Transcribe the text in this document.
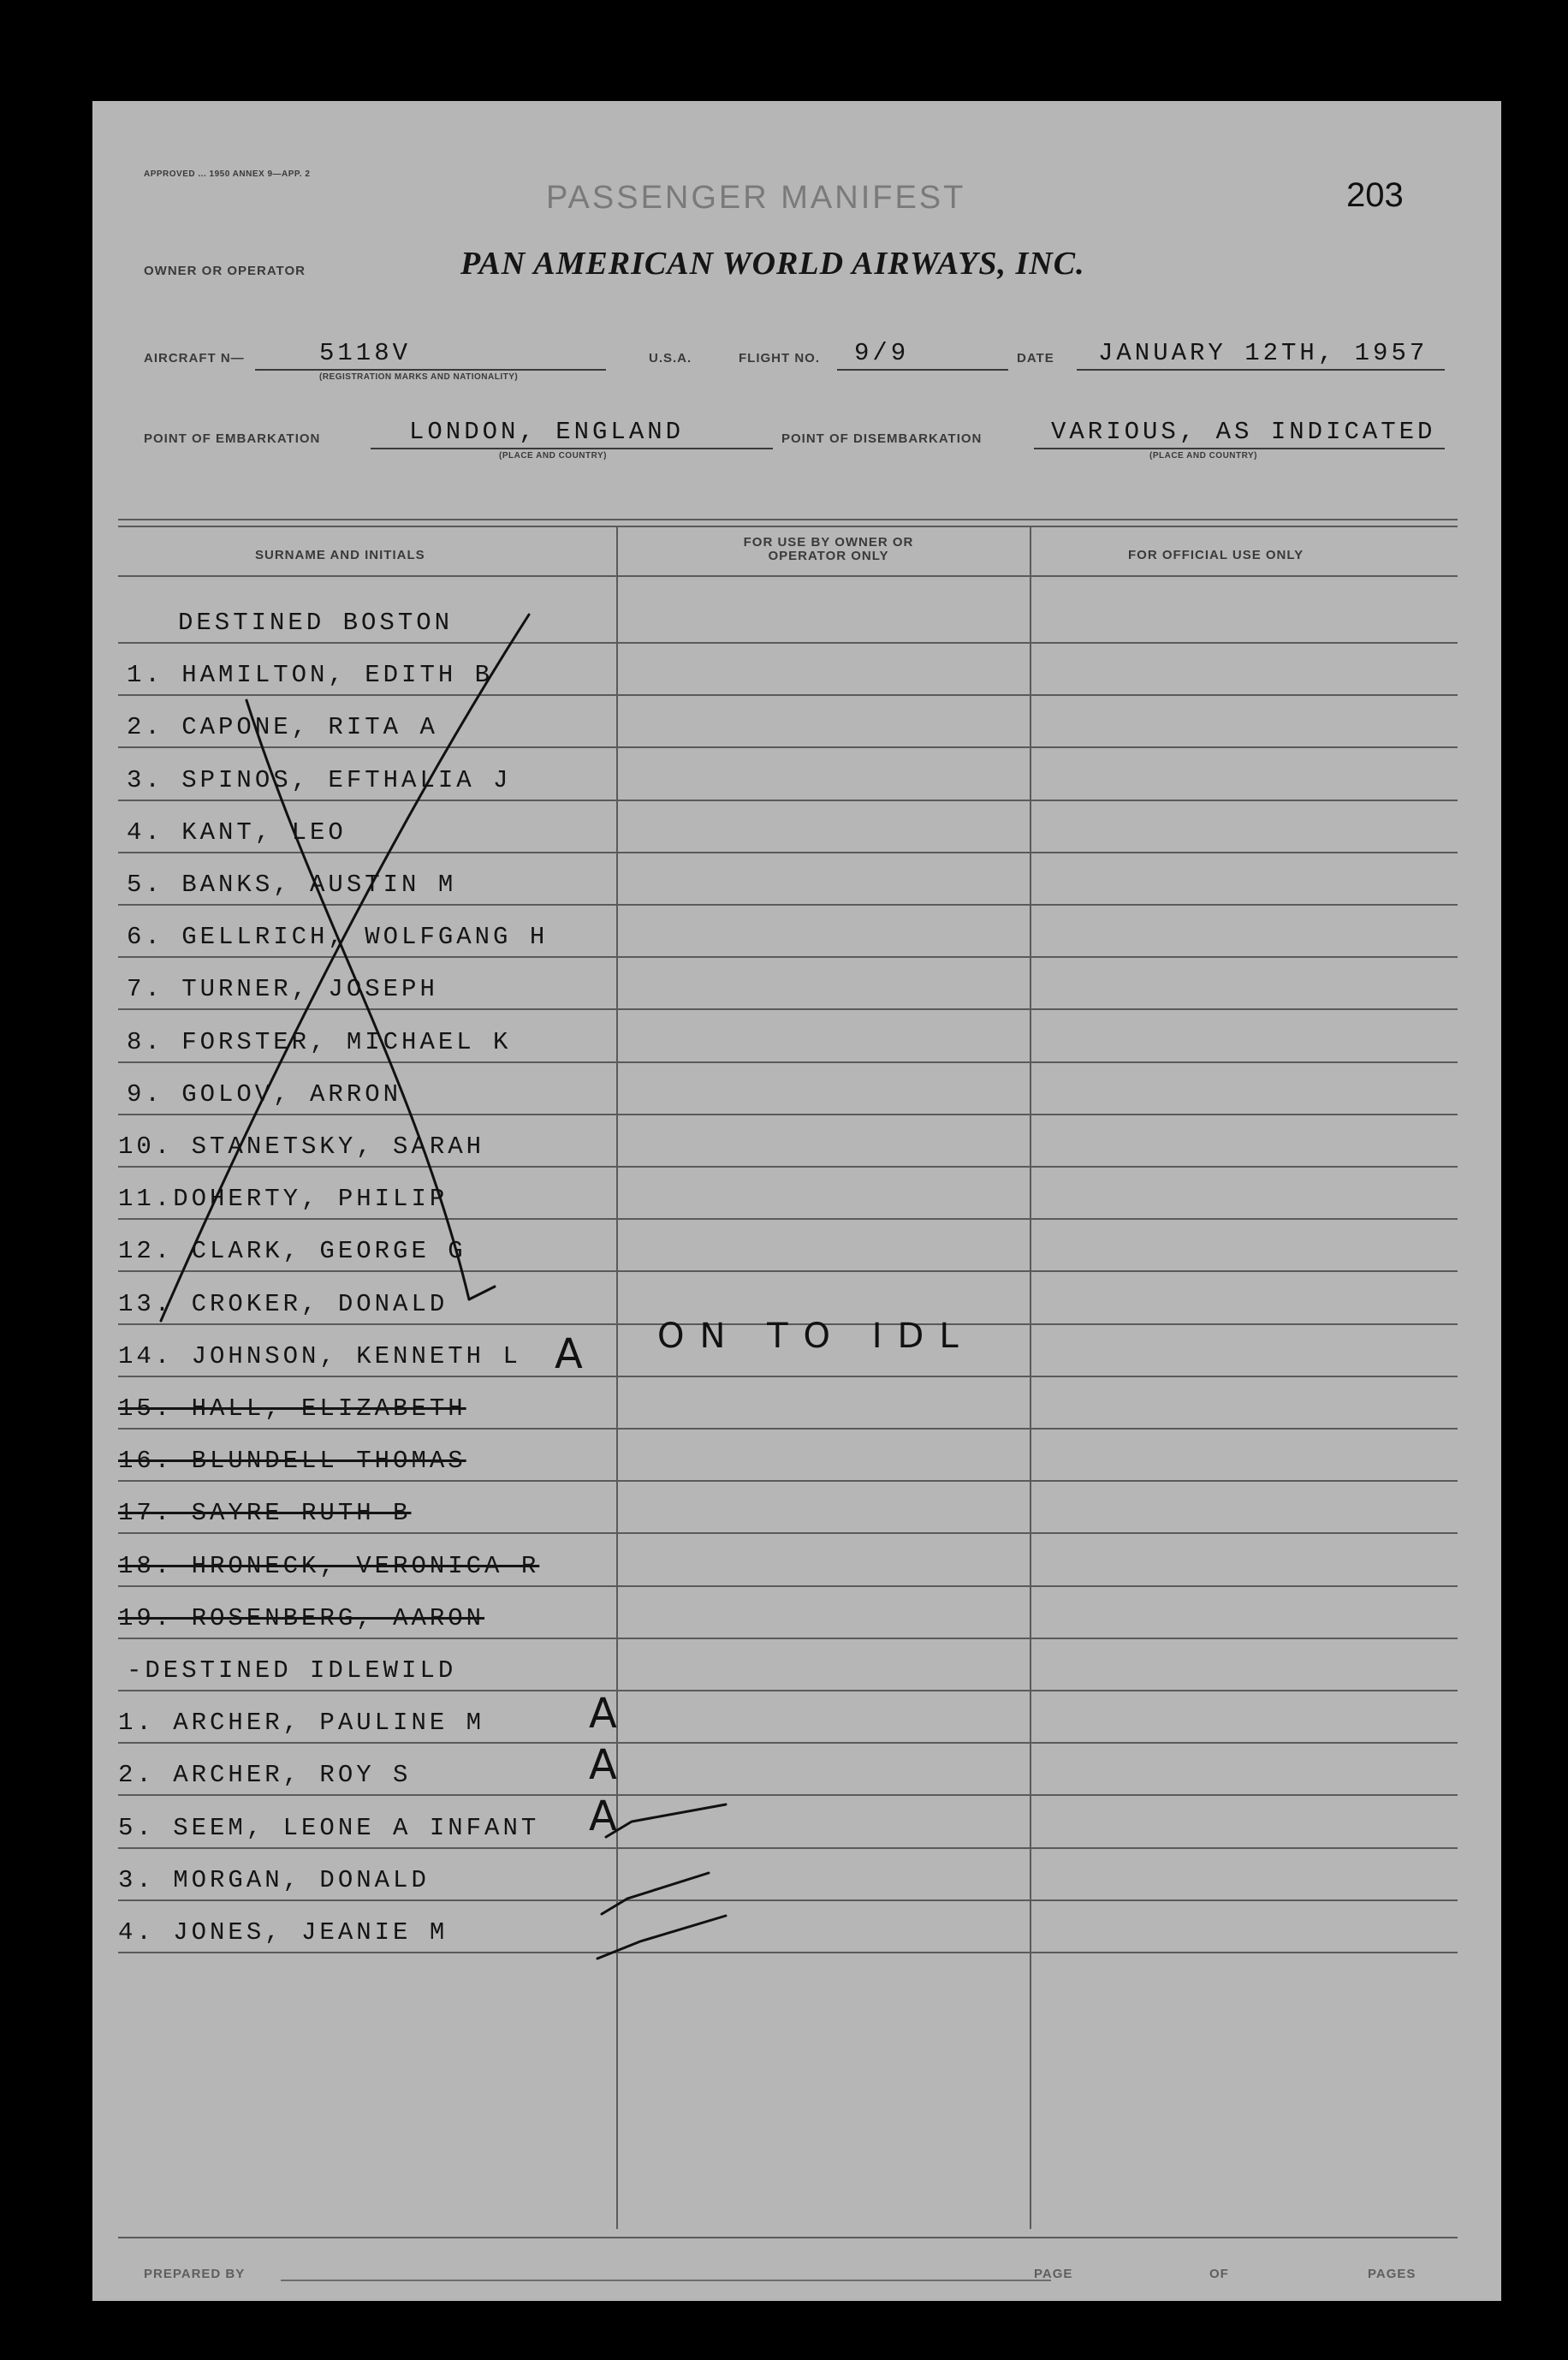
APPROVED ... 1950 ANNEX 9—APP. 2
PASSENGER MANIFEST	203
OWNER OR OPERATOR	PAN AMERICAN WORLD AIRWAYS, INC.
AIRCRAFT N—	5118V
(REGISTRATION MARKS AND NATIONALITY)
U.S.A.	FLIGHT NO. 9/9	DATE JANUARY 12TH, 1957
POINT OF EMBARKATION	LONDON, ENGLAND
(PLACE AND COUNTRY)
POINT OF DISEMBARKATION	VARIOUS, AS INDICATED
(PLACE AND COUNTRY)
SURNAME AND INITIALS
FOR USE BY OWNER OR OPERATOR ONLY	FOR OFFICIAL USE ONLY
DESTINED BOSTON
1. HAMILTON, EDITH B
2. CAPONE, RITA A
3. SPINOS, EFTHALIA J
4. KANT, LEO
5. BANKS, AUSTIN M
6. GELLRICH, WOLFGANG H
7. TURNER, JOSEPH
8. FORSTER, MICHAEL K
9. GOLOV, ARRON
10. STANETSKY, SARAH
11.DOHERTY, PHILIP
12. CLARK, GEORGE G
13. CROKER, DONALD
14. JOHNSON, KENNETH L
15. HALL, ELIZABETH
16. BLUNDELL THOMAS
17. SAYRE RUTH B
18. HRONECK, VERONICA R
19. ROSENBERG, AARON
-DESTINED IDLEWILD
1. ARCHER, PAULINE M
2. ARCHER, ROY S
5. SEEM, LEONE A INFANT
3. MORGAN, DONALD
4. JONES, JEANIE M
A
A
A
A
ON TO IDL
PREPARED BY	PAGE	OF	PAGES
